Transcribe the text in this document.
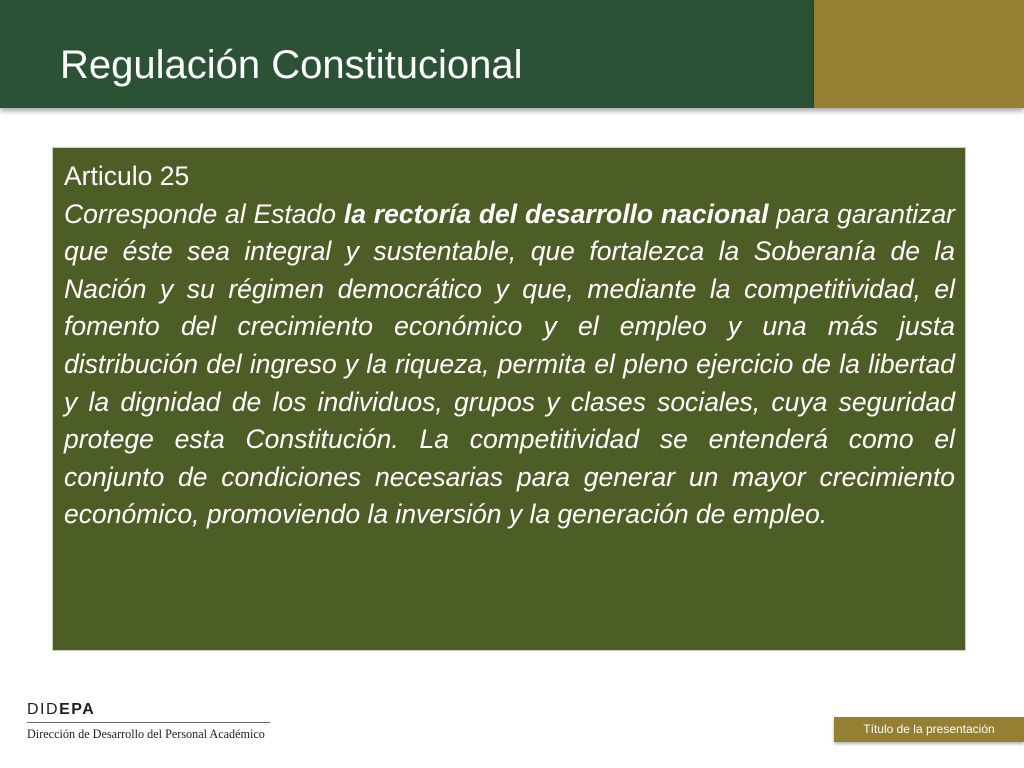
Regulación Constitucional
Articulo 25
Corresponde al Estado la rectoría del desarrollo nacional para garantizar que éste sea integral y sustentable, que fortalezca la Soberanía de la Nación y su régimen democrático y que, mediante la competitividad, el fomento del crecimiento económico y el empleo y una más justa distribución del ingreso y la riqueza, permita el pleno ejercicio de la libertad y la dignidad de los individuos, grupos y clases sociales, cuya seguridad protege esta Constitución. La competitividad se entenderá como el conjunto de condiciones necesarias para generar un mayor crecimiento económico, promoviendo la inversión y la generación de empleo.
DIDEPA
Dirección de Desarrollo del Personal Académico	Título de la presentación
